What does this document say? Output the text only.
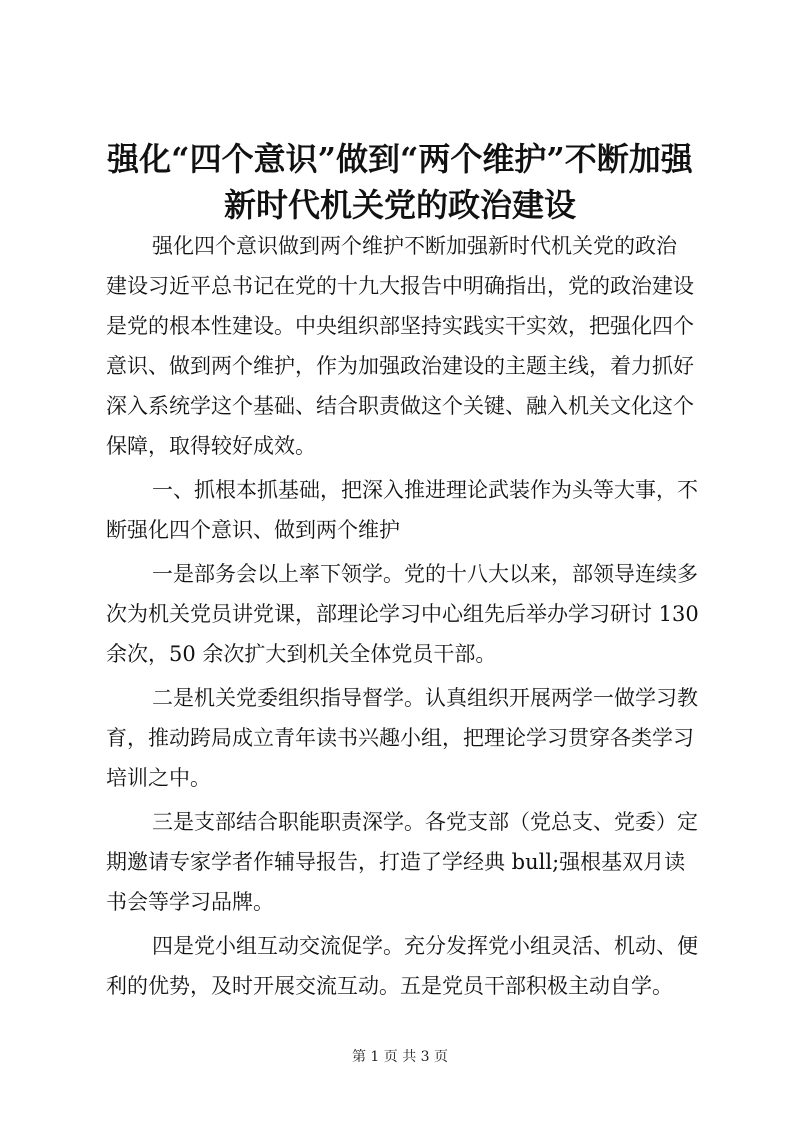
强化“四个意识”做到“两个维护”不断加强
新时代机关党的政治建设

强化四个意识做到两个维护不断加强新时代机关党的政治
建设习近平总书记在党的十九大报告中明确指出，党的政治建设
是党的根本性建设。中央组织部坚持实践实干实效，把强化四个
意识、做到两个维护，作为加强政治建设的主题主线，着力抓好
深入系统学这个基础、结合职责做这个关键、融入机关文化这个
保障，取得较好成效。

一、抓根本抓基础，把深入推进理论武装作为头等大事，不
断强化四个意识、做到两个维护

一是部务会以上率下领学。党的十八大以来，部领导连续多
次为机关党员讲党课，部理论学习中心组先后举办学习研讨 130
余次，50 余次扩大到机关全体党员干部。

二是机关党委组织指导督学。认真组织开展两学一做学习教
育，推动跨局成立青年读书兴趣小组，把理论学习贯穿各类学习
培训之中。

三是支部结合职能职责深学。各党支部（党总支、党委）定
期邀请专家学者作辅导报告，打造了学经典 bull;强根基双月读
书会等学习品牌。

四是党小组互动交流促学。充分发挥党小组灵活、机动、便
利的优势，及时开展交流互动。五是党员干部积极主动自学。

第 1 页 共 3 页
